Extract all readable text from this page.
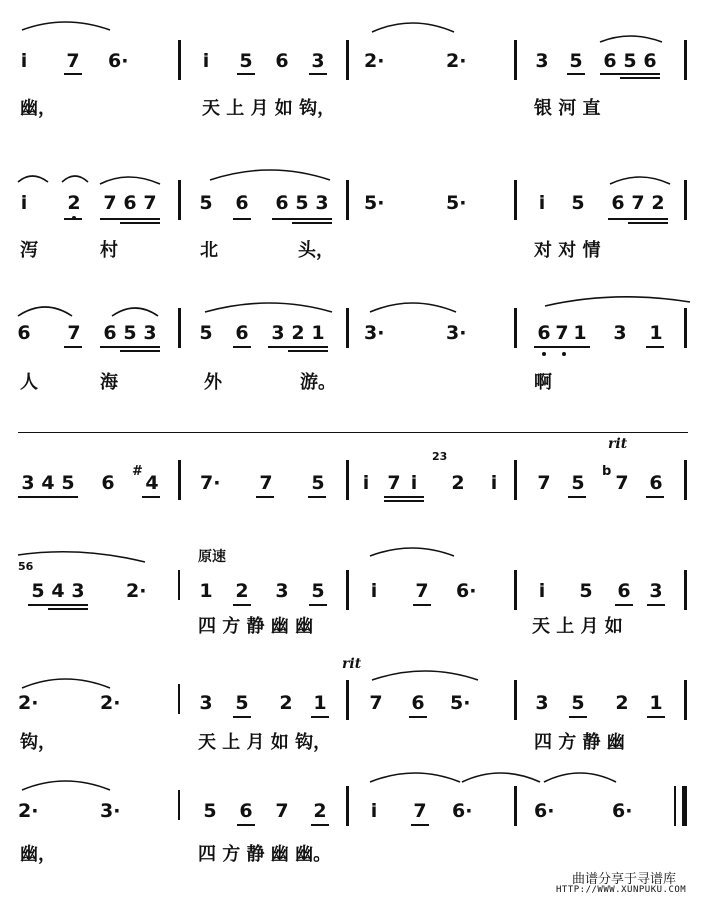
i	7 6·	i	5 6 3 2·	2·	3 5 6 5 6
幽，	天 上 月 如 钩，	银 河 直
i	2 7 6 7 5 6 6 5 3 5·	5·	i	5 6 7 2
泻	村	北	头，	对 对 情
6 7 6 5 3 5 6 3 2 1 3·	3·	6 7 1 3 1
人	海	外	游。	啊
3 4 5 6
#
4 7·	7 5	i 7 i
23
2	i
rit
7 5
b
7 6
56
5 4 3 2·
原速
1 2 3 5	i	7 6·	i	5 6 3
四 方 静 幽 幽	天 上 月 如
2·	2·	3 5 2 1
rit
7 6 5·	3 5 2 1
钩，	天 上 月 如 钩，	四 方 静 幽
2·	3·	5 6 7 2	i	7 6·	6·	6·
幽，	四 方 静 幽 幽。
曲谱分享于寻谱库
HTTP://WWW.XUNPUKU.COM
